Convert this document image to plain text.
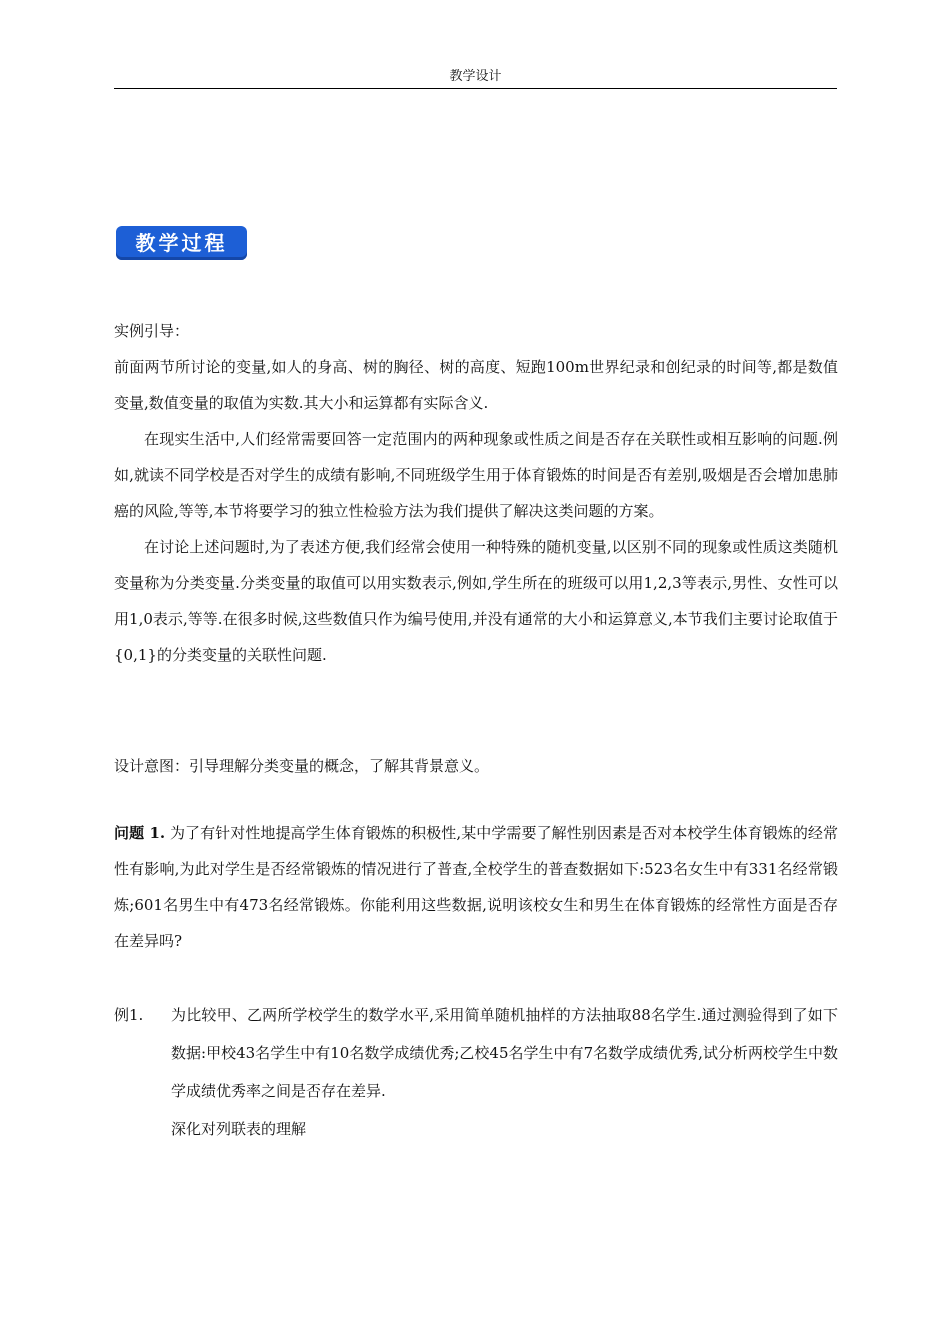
教学设计
教学过程

实例引导：

前面两节所讨论的变量,如人的身高、树的胸径、树的高度、短跑100m世界纪录和创纪录的时间等,都是数值变量,数值变量的取值为实数.其大小和运算都有实际含义.

在现实生活中,人们经常需要回答一定范围内的两种现象或性质之间是否存在关联性或相互影响的问题.例如,就读不同学校是否对学生的成绩有影响,不同班级学生用于体育锻炼的时间是否有差别,吸烟是否会增加患肺癌的风险,等等,本节将要学习的独立性检验方法为我们提供了解决这类问题的方案。

在讨论上述问题时,为了表述方便,我们经常会使用一种特殊的随机变量,以区别不同的现象或性质这类随机变量称为分类变量.分类变量的取值可以用实数表示,例如,学生所在的班级可以用1,2,3等表示,男性、女性可以用1,0表示,等等.在很多时候,这些数值只作为编号使用,并没有通常的大小和运算意义,本节我们主要讨论取值于{0,1}的分类变量的关联性问题.

设计意图：引导理解分类变量的概念，了解其背景意义。

问题 1. 为了有针对性地提高学生体育锻炼的积极性,某中学需要了解性别因素是否对本校学生体育锻炼的经常性有影响,为此对学生是否经常锻炼的情况进行了普查,全校学生的普查数据如下:523名女生中有331名经常锻炼;601名男生中有473名经常锻炼。你能利用这些数据,说明该校女生和男生在体育锻炼的经常性方面是否存在差异吗?

例1. 为比较甲、乙两所学校学生的数学水平,采用简单随机抽样的方法抽取88名学生.通过测验得到了如下数据:甲校43名学生中有10名数学成绩优秀;乙校45名学生中有7名数学成绩优秀,试分析两校学生中数学成绩优秀率之间是否存在差异.
深化对列联表的理解
